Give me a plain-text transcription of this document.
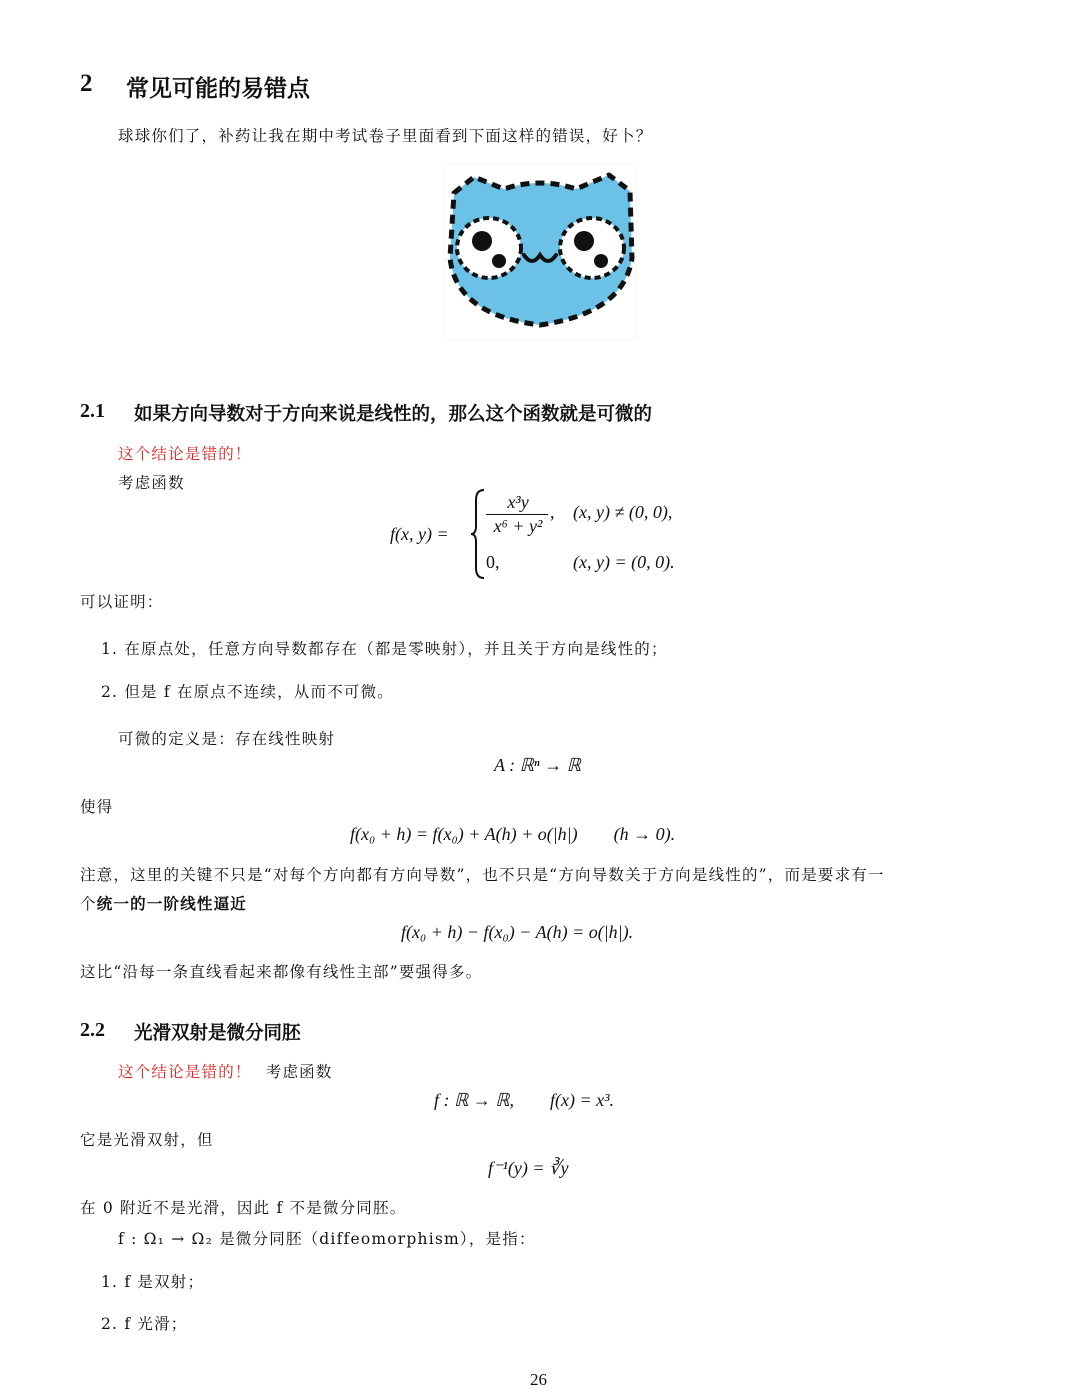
2 常见可能的易错点
球球你们了，补药让我在期中考试卷子里面看到下面这样的错误，好卜？
2.1 如果方向导数对于方向来说是线性的，那么这个函数就是可微的
这个结论是错的！
考虑函数
f(x, y) =
x³y
x⁶ + y²
, (x, y) ≠ (0, 0),
0,	(x, y) = (0, 0).
可以证明：
1. 在原点处，任意方向导数都存在（都是零映射），并且关于方向是线性的；
2. 但是 f 在原点不连续，从而不可微。
可微的定义是：存在线性映射
A : ℝⁿ → ℝ
使得
f(x₀ + h) = f(x₀) + A(h) + o(|h|)        (h → 0).
注意，这里的关键不只是“对每个方向都有方向导数”，也不只是“方向导数关于方向是线性的”，而是要求有一
个统一的一阶线性逼近
f(x₀ + h) − f(x₀) − A(h) = o(|h|).
这比“沿每一条直线看起来都像有线性主部”要强得多。
2.2 光滑双射是微分同胚
这个结论是错的！ 考虑函数
f : ℝ → ℝ,        f(x) = x³.
它是光滑双射，但
f⁻¹(y) = ∛y
在 0 附近不是光滑，因此 f 不是微分同胚。
f : Ω₁ → Ω₂ 是微分同胚（diffeomorphism），是指：
1. f 是双射；
2. f 光滑；
26
